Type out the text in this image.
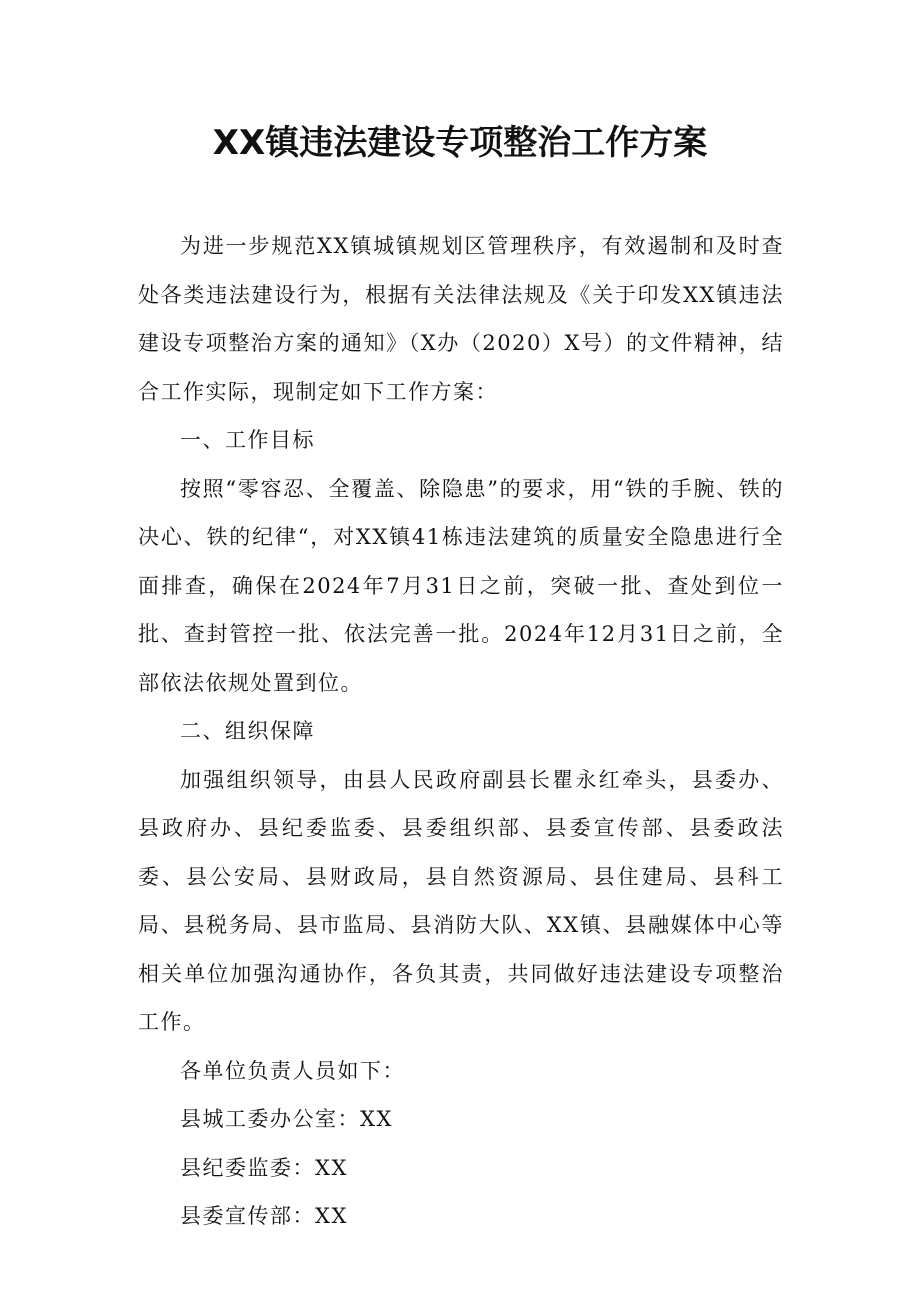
XX镇违法建设专项整治工作方案

为进一步规范XX镇城镇规划区管理秩序，有效遏制和及时查处各类违法建设行为，根据有关法律法规及《关于印发XX镇违法建设专项整治方案的通知》（X办（2020）X号）的文件精神，结合工作实际，现制定如下工作方案：

一、工作目标

按照“零容忍、全覆盖、除隐患”的要求，用“铁的手腕、铁的决心、铁的纪律“，对XX镇41栋违法建筑的质量安全隐患进行全面排查，确保在2024年7月31日之前，突破一批、查处到位一批、查封管控一批、依法完善一批。2024年12月31日之前，全部依法依规处置到位。

二、组织保障

加强组织领导，由县人民政府副县长瞿永红牵头，县委办、县政府办、县纪委监委、县委组织部、县委宣传部、县委政法委、县公安局、县财政局，县自然资源局、县住建局、县科工局、县税务局、县市监局、县消防大队、XX镇、县融媒体中心等相关单位加强沟通协作，各负其责，共同做好违法建设专项整治工作。

各单位负责人员如下：

县城工委办公室：XX

县纪委监委：XX

县委宣传部：XX
